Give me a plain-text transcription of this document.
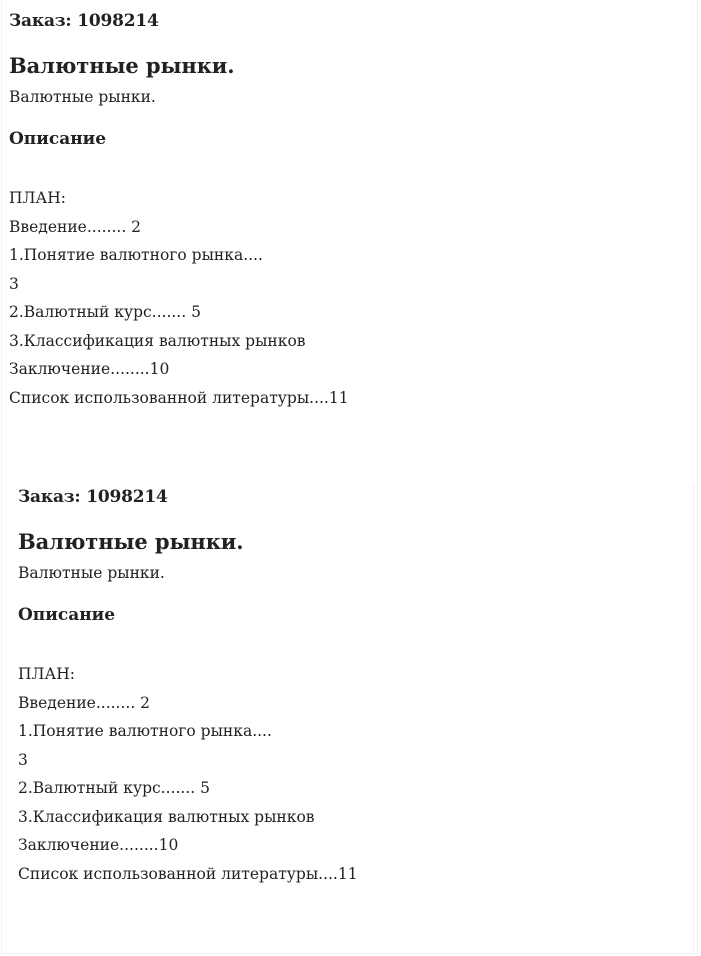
Заказ: 1098214
Валютные рынки.
Валютные рынки.
Описание
ПЛАН:
Введение........ 2
1.Понятие валютного рынка....
3
2.Валютный курс....... 5
3.Классификация валютных рынков
Заключение........10
Список использованной литературы....11
Заказ: 1098214
Валютные рынки.
Валютные рынки.
Описание
ПЛАН:
Введение........ 2
1.Понятие валютного рынка....
3
2.Валютный курс....... 5
3.Классификация валютных рынков
Заключение........10
Список использованной литературы....11
